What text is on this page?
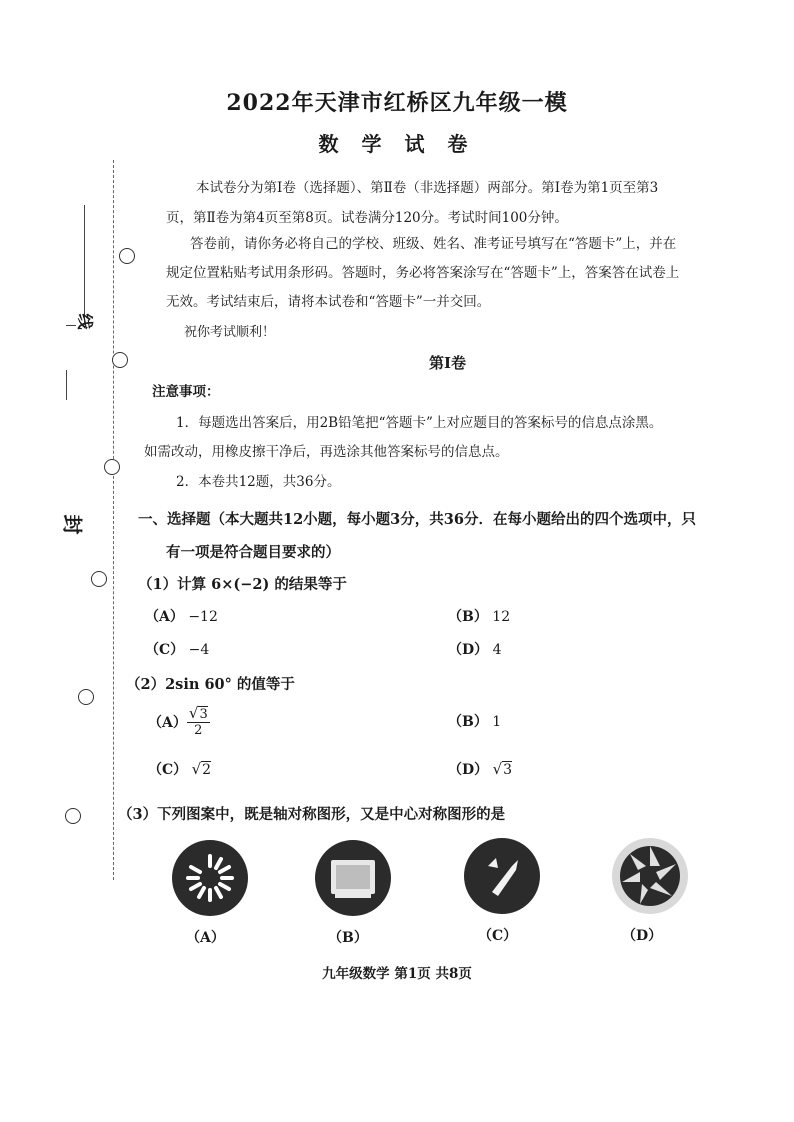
线
封
2022年天津市红桥区九年级一模
数 学 试 卷
本试卷分为第Ⅰ卷（选择题）、第Ⅱ卷（非选择题）两部分。第Ⅰ卷为第1页至第3
页，第Ⅱ卷为第4页至第8页。试卷满分120分。考试时间100分钟。
答卷前，请你务必将自己的学校、班级、姓名、准考证号填写在“答题卡”上，并在
规定位置粘贴考试用条形码。答题时，务必将答案涂写在“答题卡”上，答案答在试卷上
无效。考试结束后，请将本试卷和“答题卡”一并交回。
祝你考试顺利！
第Ⅰ卷
注意事项：
1．每题选出答案后，用2B铅笔把“答题卡”上对应题目的答案标号的信息点涂黑。
如需改动，用橡皮擦干净后，再选涂其他答案标号的信息点。
2．本卷共12题，共36分。
一、选择题（本大题共12小题，每小题3分，共36分．在每小题给出的四个选项中，只
有一项是符合题目要求的）
（1）计算 6×(−2) 的结果等于
（A） −12	（B） 12
（C） −4	（D） 4
（2）2sin 60° 的值等于
$(A) \frac{√3}{2}$	（B） 1
（C） √2	（D） √3
（3）下列图案中，既是轴对称图形，又是中心对称图形的是
（A）	（B）	（C）	（D）
九年级数学 第1页 共8页
